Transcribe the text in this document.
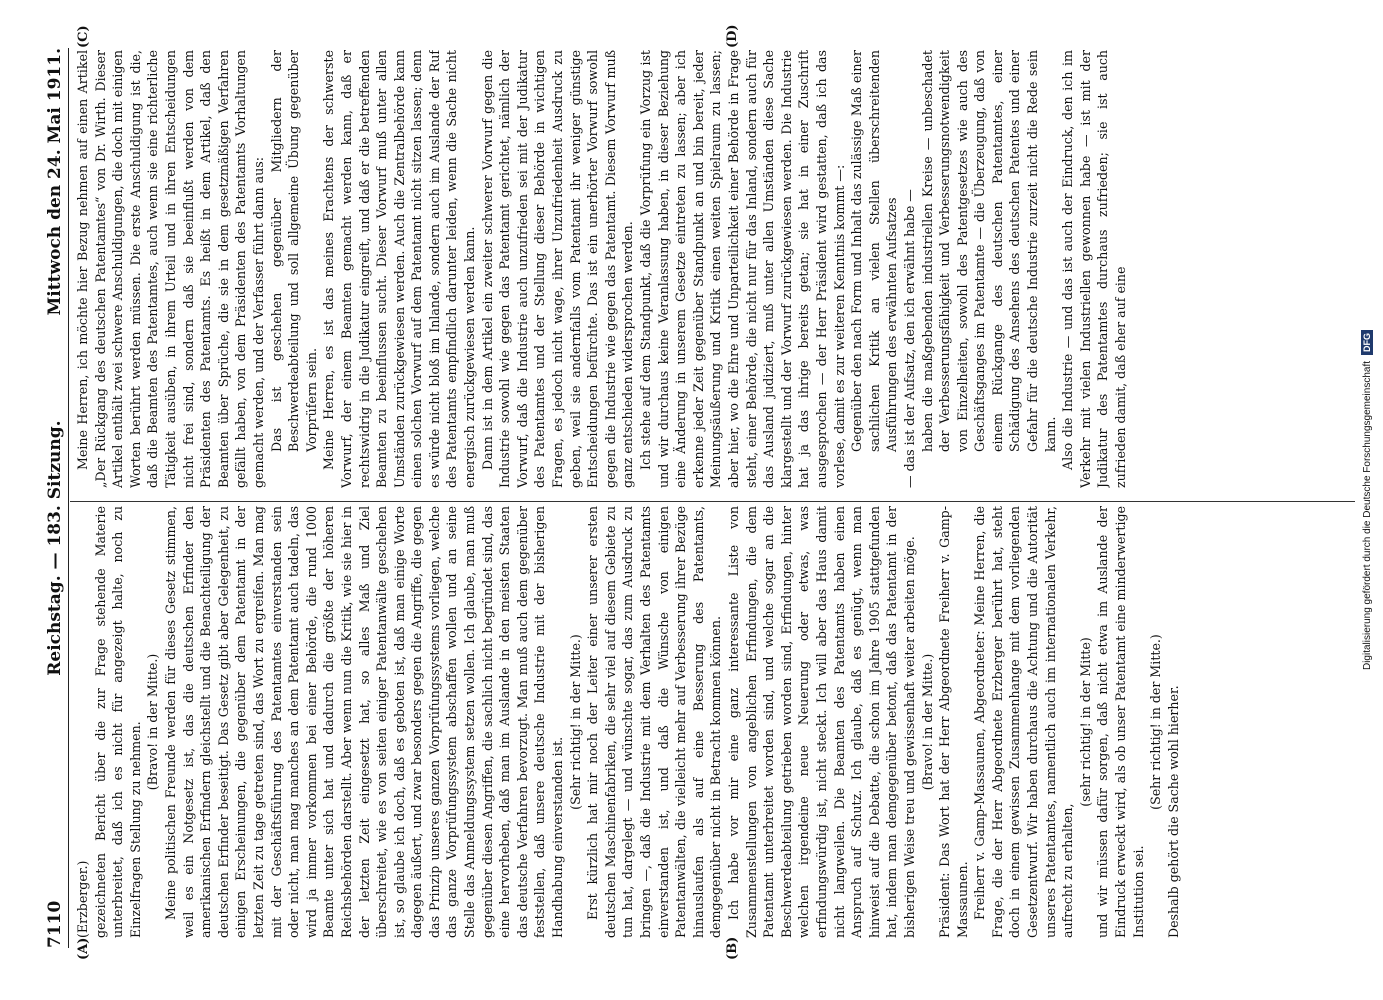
7110
Reichstag. — 183. Sitzung.
Mittwoch den 24. Mai 1911.
(A)	(B)
(C)	(D)

(Erzberger.) gezeichneten Bericht über die zur Frage stehende Materie unterbreitet, daß ich es nicht für angezeigt halte, noch zu Einzelfragen Stellung zu nehmen. (Bravo! in der Mitte.) Meine politischen Freunde werden für dieses Gesetz stimmen, weil es ein Notgesetz ist, das die deutschen Erfinder den amerikanischen Erfindern gleichstellt und die Benachteiligung der deutschen Erfinder beseitigt. Das Gesetz gibt aber Gelegenheit, zu einigen Erscheinungen, die gegenüber dem Patentamt in der letzten Zeit zu tage getreten sind, das Wort zu ergreifen. Man mag mit der Geschäftsführung des Patentamtes einverstanden sein oder nicht, man mag manches an dem Patentamt auch tadeln, das wird ja immer vorkommen bei einer Behörde, die rund 1000 Beamte unter sich hat und dadurch die größte der höheren Reichsbehörden darstellt. Aber wenn nun die Kritik, wie sie hier in der letzten Zeit eingesetzt hat, so alles Maß und Ziel überschreitet, wie es von seiten einiger Patentanwälte geschehen ist, so glaube ich doch, daß es geboten ist, daß man einige Worte dagegen äußert, und zwar besonders gegen die Angriffe, die gegen das Prinzip unseres ganzen Vorprüfungssystems vorliegen, welche das ganze Vorprüfungssystem abschaffen wollen und an seine Stelle das Anmeldungssystem setzen wollen. Ich glaube, man muß gegenüber diesen Angriffen, die sachlich nicht begründet sind, das eine hervorheben, daß man im Auslande in den meisten Staaten das deutsche Verfahren bevorzugt. Man muß auch dem gegenüber feststellen, daß unsere deutsche Industrie mit der bisherigen Handhabung einverstanden ist.

(Sehr richtig! in der Mitte.) Erst kürzlich hat mir noch der Leiter einer unserer ersten deutschen Maschinenfabriken, die sehr viel auf diesem Gebiete zu tun hat, dargelegt — und wünschte sogar, das zum Ausdruck zu bringen —, daß die Industrie mit dem Verhalten des Patentamts einverstanden ist, und daß die Wünsche von einigen Patentanwälten, die vielleicht mehr auf Verbesserung ihrer Bezüge hinauslaufen als auf eine Besserung des Patentamts, demgegenüber nicht in Betracht kommen können. Ich habe vor mir eine ganz interessante Liste von Zusammenstellungen von angeblichen Erfindungen, die dem Patentamt unterbreitet worden sind, und welche sogar an die Beschwerdeabteilung getrieben worden sind, Erfindungen, hinter welchen irgendeine neue Neuerung oder etwas, was erfindungswürdig ist, nicht steckt. Ich will aber das Haus damit nicht langweilen. Die Beamten des Patentamts haben einen Anspruch auf Schutz. Ich glaube, daß es genügt, wenn man hinweist auf die Debatte, die schon im Jahre 1905 stattgefunden hat, indem man demgegenüber betont, daß das Patentamt in der bisherigen Weise treu und gewissenhaft weiter arbeiten möge. (Bravo! in der Mitte.) Präsident: Das Wort hat der Herr Abgeordnete Freiherr v. Gamp-Massaunen. Freiherr v. Gamp-Massaunen, Abgeordneter: Meine Herren, die Frage, die der Herr Abgeordnete Erzberger berührt hat, steht doch in einem gewissen Zusammenhange mit dem vorliegenden Gesetzentwurf. Wir haben durchaus die Achtung und die Autorität unseres Patentamtes, namentlich auch im internationalen Verkehr, aufrecht zu erhalten,

(sehr richtig! in der Mitte) und wir müssen dafür sorgen, daß nicht etwa im Auslande der Eindruck erweckt wird, als ob unser Patentamt eine minderwertige Institution sei.

(Sehr richtig! in der Mitte.) Deshalb gehört die Sache wohl hierher.

Meine Herren, ich möchte hier Bezug nehmen auf einen Artikel „Der Rückgang des deutschen Patentamtes“ von Dr. Wirth. Dieser Artikel enthält zwei schwere Anschuldigungen, die doch mit einigen Worten berührt werden müssen. Die erste Anschuldigung ist die, daß die Beamten des Patentamtes, auch wenn sie eine richterliche Tätigkeit ausüben, in ihrem Urteil und in ihren Entscheidungen nicht frei sind, sondern daß sie beeinflußt werden von dem Präsidenten des Patentamts. Es heißt in dem Artikel, daß den Beamten über Sprüche, die sie in dem gesetzmäßigen Verfahren gefällt haben, von dem Präsidenten des Patentamts Vorhaltungen gemacht werden, und der Verfasser führt dann aus: Das ist geschehen gegenüber Mitgliedern der Beschwerdeabteilung und soll allgemeine Übung gegenüber Vorprüfern sein. Meine Herren, es ist das meines Erachtens der schwerste Vorwurf, der einem Beamten gemacht werden kann, daß er rechtswidrig in die Judikatur eingreift, und daß er die betreffenden Beamten zu beeinflussen sucht. Dieser Vorwurf muß unter allen Umständen zurückgewiesen werden. Auch die Zentralbehörde kann einen solchen Vorwurf auf dem Patentamt nicht sitzen lassen; denn es würde nicht bloß im Inlande, sondern auch im Auslande der Ruf des Patentamts empfindlich darunter leiden, wenn die Sache nicht energisch zurückgewiesen werden kann. Dann ist in dem Artikel ein zweiter schwerer Vorwurf gegen die Industrie sowohl wie gegen das Patentamt gerichtet, nämlich der Vorwurf, daß die Industrie auch unzufrieden sei mit der Judikatur des Patentamtes und der Stellung dieser Behörde in wichtigen Fragen, es jedoch nicht wage, ihrer Unzufriedenheit Ausdruck zu geben, weil sie andernfalls vom Patentamt ihr weniger günstige Entscheidungen befürchte. Das ist ein unerhörter Vorwurf sowohl gegen die Industrie wie gegen das Patentamt. Diesem Vorwurf muß ganz entschieden widersprochen werden. Ich stehe auf dem Standpunkt, daß die Vorprüfung ein Vorzug ist und wir durchaus keine Veranlassung haben, in dieser Beziehung eine Änderung in unserem Gesetze eintreten zu lassen; aber ich erkenne jeder Zeit gegenüber Standpunkt an und bin bereit, jeder Meinungsäußerung und Kritik einen weiten Spielraum zu lassen; aber hier, wo die Ehre und Unparteilichkeit einer Behörde in Frage steht, einer Behörde, die nicht nur für das Inland, sondern auch für das Ausland judiziert, muß unter allen Umständen diese Sache klargestellt und der Vorwurf zurückgewiesen werden. Die Industrie hat ja das ihrige bereits getan; sie hat in einer Zuschrift ausgesprochen — der Herr Präsident wird gestatten, daß ich das vorlese, damit es zur weiteren Kenntnis kommt —: Gegenüber den nach Form und Inhalt das zulässige Maß einer sachlichen Kritik an vielen Stellen überschreitenden Ausführungen des erwähnten Aufsatzes — das ist der Aufsatz, den ich erwähnt habe — haben die maßgebenden industriellen Kreise — unbeschadet der Verbesserungsfähigkeit und Verbesserungsnotwendigkeit von Einzelheiten, sowohl des Patentgesetzes wie auch des Geschäftsganges im Patentamte — die Überzeugung, daß von einem Rückgange des deutschen Patentamtes, einer Schädigung des Ansehens des deutschen Patentes und einer Gefahr für die deutsche Industrie zurzeit nicht die Rede sein kann. Also die Industrie — und das ist auch der Eindruck, den ich im Verkehr mit vielen Industriellen gewonnen habe — ist mit der Judikatur des Patentamtes durchaus zufrieden; sie ist auch zufrieden damit, daß eher auf eine	Digitalisierung gefördert durch die Deutsche Forschungsgemeinschaft
DFG
